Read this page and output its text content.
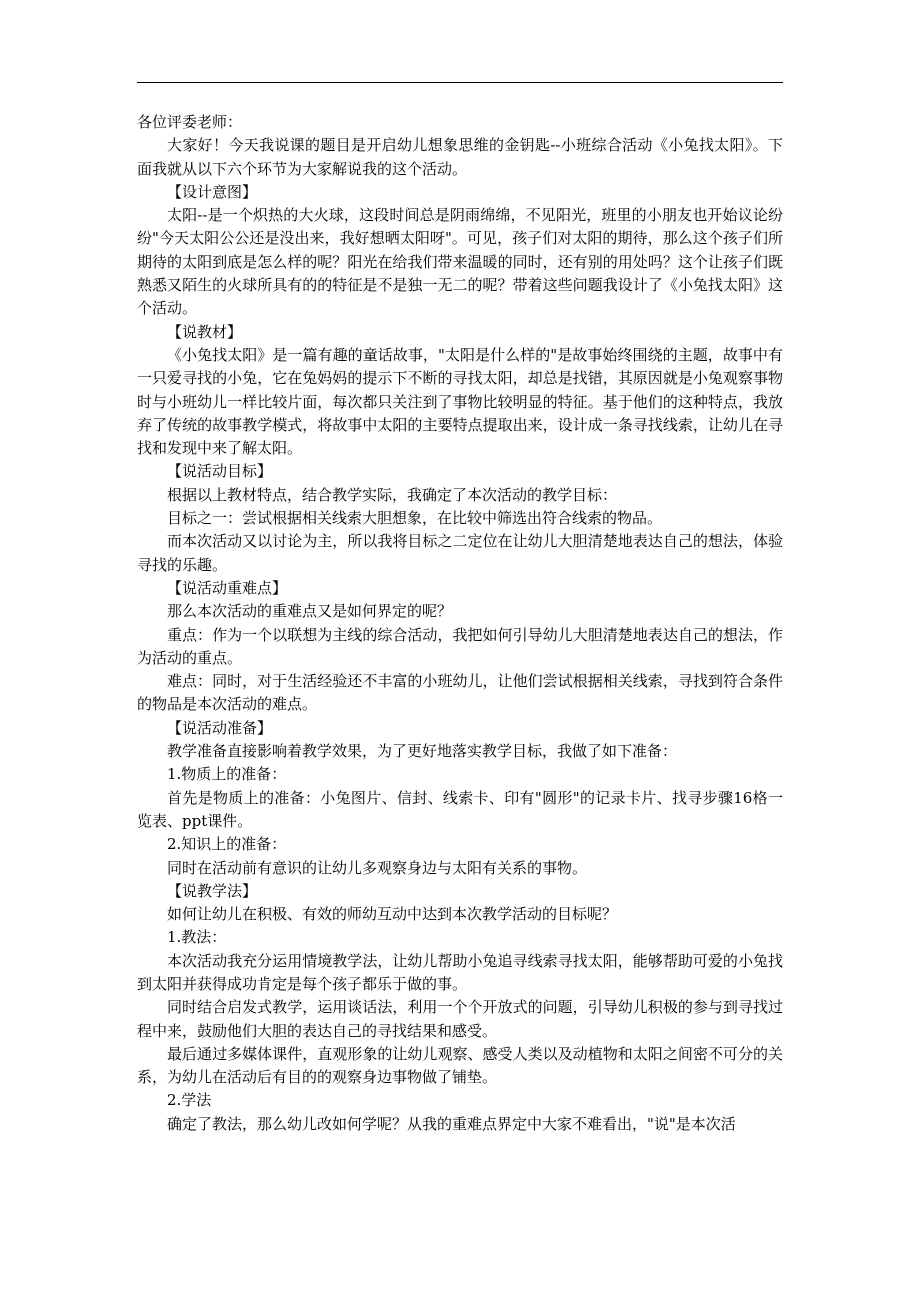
各位评委老师：

大家好！今天我说课的题目是开启幼儿想象思维的金钥匙--小班综合活动《小兔找太阳》。下面我就从以下六个环节为大家解说我的这个活动。

【设计意图】

太阳--是一个炽热的大火球，这段时间总是阴雨绵绵，不见阳光，班里的小朋友也开始议论纷纷"今天太阳公公还是没出来，我好想晒太阳呀"。可见，孩子们对太阳的期待，那么这个孩子们所期待的太阳到底是怎么样的呢？阳光在给我们带来温暖的同时，还有别的用处吗？这个让孩子们既熟悉又陌生的火球所具有的的特征是不是独一无二的呢？带着这些问题我设计了《小兔找太阳》这个活动。

【说教材】

《小兔找太阳》是一篇有趣的童话故事，"太阳是什么样的"是故事始终围绕的主题，故事中有一只爱寻找的小兔，它在兔妈妈的提示下不断的寻找太阳，却总是找错，其原因就是小兔观察事物时与小班幼儿一样比较片面，每次都只关注到了事物比较明显的特征。基于他们的这种特点，我放弃了传统的故事教学模式，将故事中太阳的主要特点提取出来，设计成一条寻找线索，让幼儿在寻找和发现中来了解太阳。

【说活动目标】

根据以上教材特点，结合教学实际，我确定了本次活动的教学目标：

目标之一：尝试根据相关线索大胆想象，在比较中筛选出符合线索的物品。

而本次活动又以讨论为主，所以我将目标之二定位在让幼儿大胆清楚地表达自己的想法，体验寻找的乐趣。

【说活动重难点】

那么本次活动的重难点又是如何界定的呢？

重点：作为一个以联想为主线的综合活动，我把如何引导幼儿大胆清楚地表达自己的想法，作为活动的重点。

难点：同时，对于生活经验还不丰富的小班幼儿，让他们尝试根据相关线索，寻找到符合条件的物品是本次活动的难点。

【说活动准备】

教学准备直接影响着教学效果，为了更好地落实教学目标，我做了如下准备：

1.物质上的准备：

首先是物质上的准备：小兔图片、信封、线索卡、印有"圆形"的记录卡片、找寻步骤16格一览表、ppt课件。

2.知识上的准备：

同时在活动前有意识的让幼儿多观察身边与太阳有关系的事物。

【说教学法】

如何让幼儿在积极、有效的师幼互动中达到本次教学活动的目标呢？

1.教法：

本次活动我充分运用情境教学法，让幼儿帮助小兔追寻线索寻找太阳，能够帮助可爱的小兔找到太阳并获得成功肯定是每个孩子都乐于做的事。

同时结合启发式教学，运用谈话法，利用一个个开放式的问题，引导幼儿积极的参与到寻找过程中来，鼓励他们大胆的表达自己的寻找结果和感受。

最后通过多媒体课件，直观形象的让幼儿观察、感受人类以及动植物和太阳之间密不可分的关系，为幼儿在活动后有目的的观察身边事物做了铺垫。

2.学法

确定了教法，那么幼儿改如何学呢？从我的重难点界定中大家不难看出，"说"是本次活
